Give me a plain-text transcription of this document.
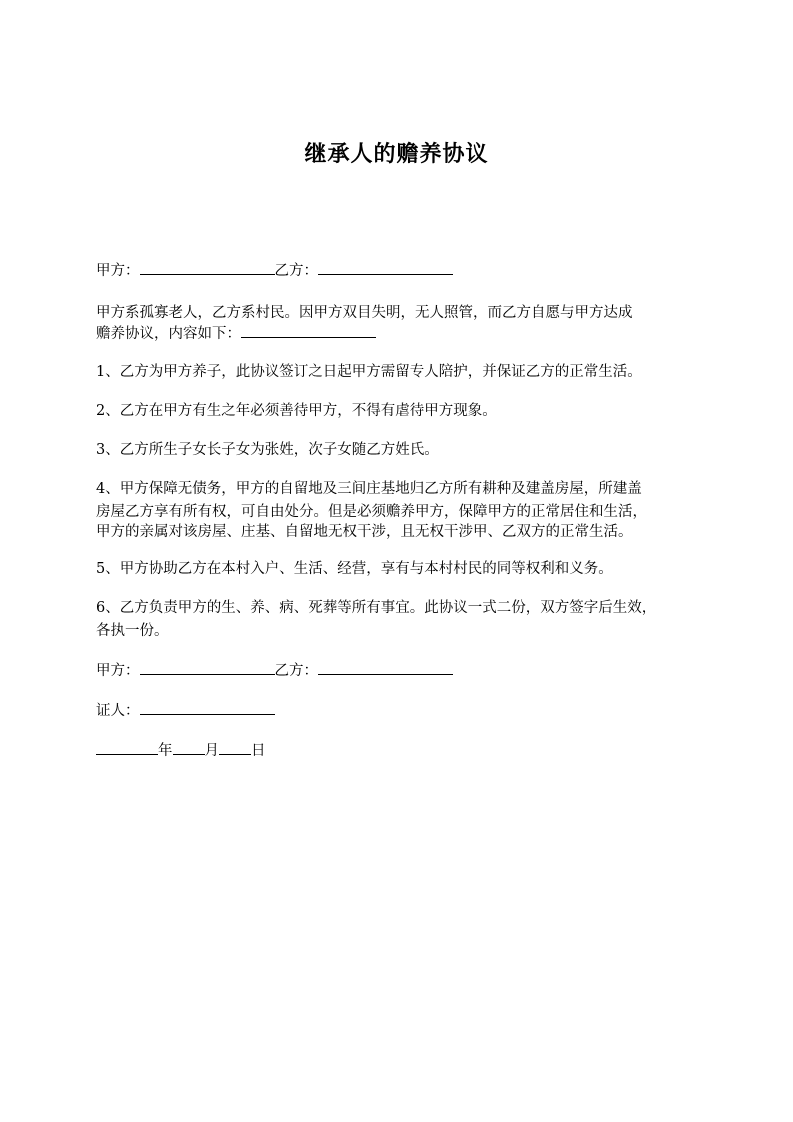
继承人的赡养协议

甲方：	乙方：

甲方系孤寡老人，乙方系村民。因甲方双目失明，无人照管，而乙方自愿与甲方达成

赡养协议，内容如下：

1、乙方为甲方养子，此协议签订之日起甲方需留专人陪护，并保证乙方的正常生活。

2、乙方在甲方有生之年必须善待甲方，不得有虐待甲方现象。

3、乙方所生子女长子女为张姓，次子女随乙方姓氏。

4、甲方保障无债务，甲方的自留地及三间庄基地归乙方所有耕种及建盖房屋，所建盖

房屋乙方享有所有权，可自由处分。但是必须赡养甲方，保障甲方的正常居住和生活，

甲方的亲属对该房屋、庄基、自留地无权干涉，且无权干涉甲、乙双方的正常生活。

5、甲方协助乙方在本村入户、生活、经营，享有与本村村民的同等权利和义务。

6、乙方负责甲方的生、养、病、死葬等所有事宜。此协议一式二份，双方签字后生效，

各执一份。

甲方：	乙方：

证人：

年 月 日
